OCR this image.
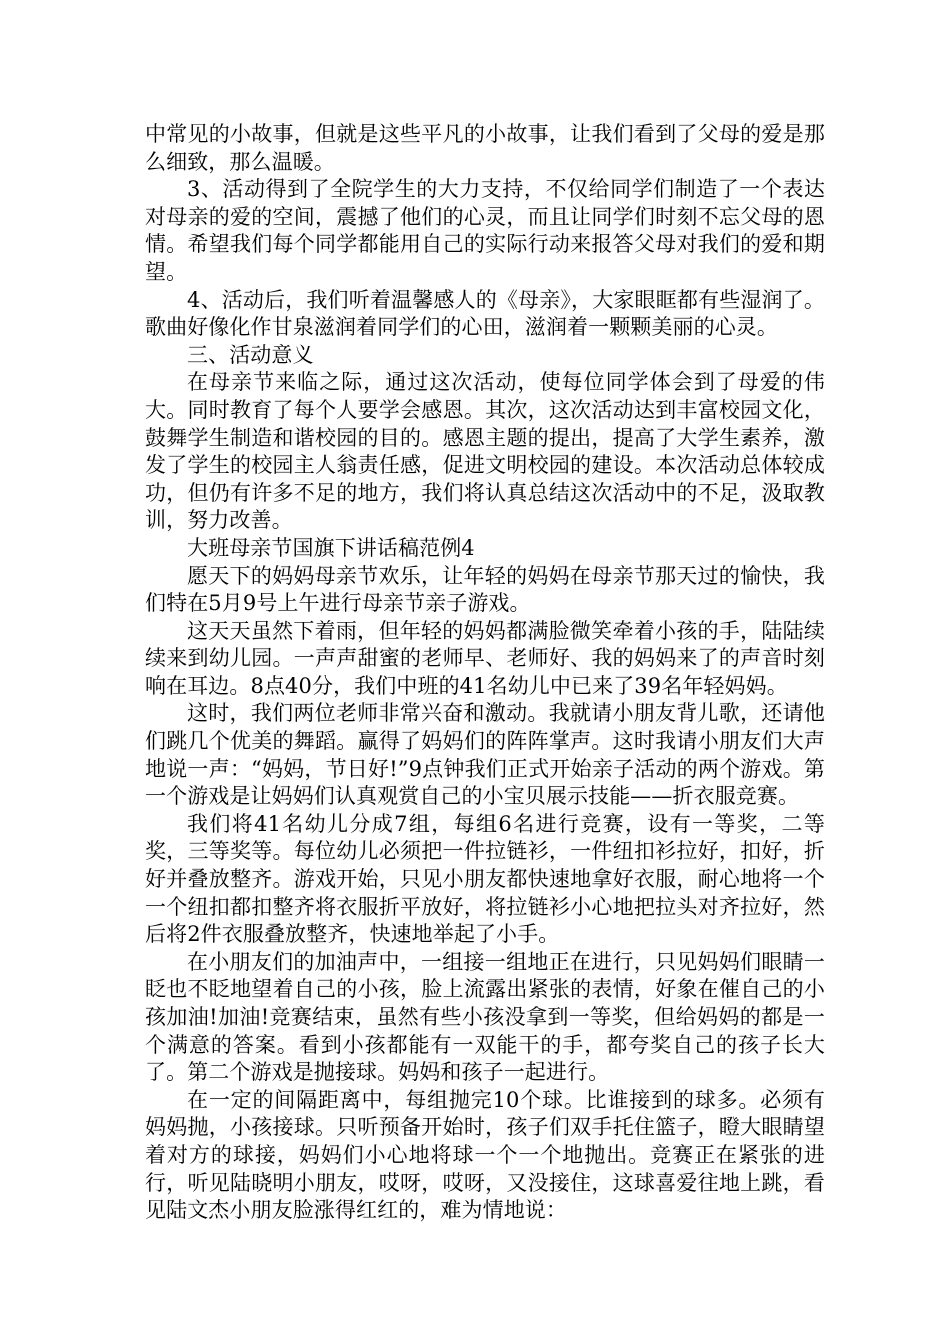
中常见的小故事，但就是这些平凡的小故事，让我们看到了父母的爱是那么细致，那么温暖。

3、活动得到了全院学生的大力支持，不仅给同学们制造了一个表达对母亲的爱的空间，震撼了他们的心灵，而且让同学们时刻不忘父母的恩情。希望我们每个同学都能用自己的实际行动来报答父母对我们的爱和期望。

4、活动后，我们听着温馨感人的《母亲》，大家眼眶都有些湿润了。歌曲好像化作甘泉滋润着同学们的心田，滋润着一颗颗美丽的心灵。

三、活动意义

在母亲节来临之际，通过这次活动，使每位同学体会到了母爱的伟大。同时教育了每个人要学会感恩。其次，这次活动达到丰富校园文化，鼓舞学生制造和谐校园的目的。感恩主题的提出，提高了大学生素养，激发了学生的校园主人翁责任感，促进文明校园的建设。本次活动总体较成功，但仍有许多不足的地方，我们将认真总结这次活动中的不足，汲取教训，努力改善。

大班母亲节国旗下讲话稿范例4

愿天下的妈妈母亲节欢乐，让年轻的妈妈在母亲节那天过的愉快，我们特在5月9号上午进行母亲节亲子游戏。

这天天虽然下着雨，但年轻的妈妈都满脸微笑牵着小孩的手，陆陆续续来到幼儿园。一声声甜蜜的老师早、老师好、我的妈妈来了的声音时刻响在耳边。8点40分，我们中班的41名幼儿中已来了39名年轻妈妈。

这时，我们两位老师非常兴奋和激动。我就请小朋友背儿歌，还请他们跳几个优美的舞蹈。赢得了妈妈们的阵阵掌声。这时我请小朋友们大声地说一声：“妈妈，节日好!”9点钟我们正式开始亲子活动的两个游戏。第一个游戏是让妈妈们认真观赏自己的小宝贝展示技能——折衣服竞赛。

我们将41名幼儿分成7组，每组6名进行竞赛，设有一等奖，二等奖，三等奖等。每位幼儿必须把一件拉链衫，一件纽扣衫拉好，扣好，折好并叠放整齐。游戏开始，只见小朋友都快速地拿好衣服，耐心地将一个一个纽扣都扣整齐将衣服折平放好，将拉链衫小心地把拉头对齐拉好，然后将2件衣服叠放整齐，快速地举起了小手。

在小朋友们的加油声中，一组接一组地正在进行，只见妈妈们眼睛一眨也不眨地望着自己的小孩，脸上流露出紧张的表情，好象在催自己的小孩加油!加油!竞赛结束，虽然有些小孩没拿到一等奖，但给妈妈的都是一个满意的答案。看到小孩都能有一双能干的手，都夸奖自己的孩子长大了。第二个游戏是抛接球。妈妈和孩子一起进行。

在一定的间隔距离中，每组抛完10个球。比谁接到的球多。必须有妈妈抛，小孩接球。只听预备开始时，孩子们双手托住篮子，瞪大眼睛望着对方的球接，妈妈们小心地将球一个一个地抛出。竞赛正在紧张的进行，听见陆晓明小朋友，哎呀，哎呀，又没接住，这球喜爱往地上跳，看见陆文杰小朋友脸涨得红红的，难为情地说：
